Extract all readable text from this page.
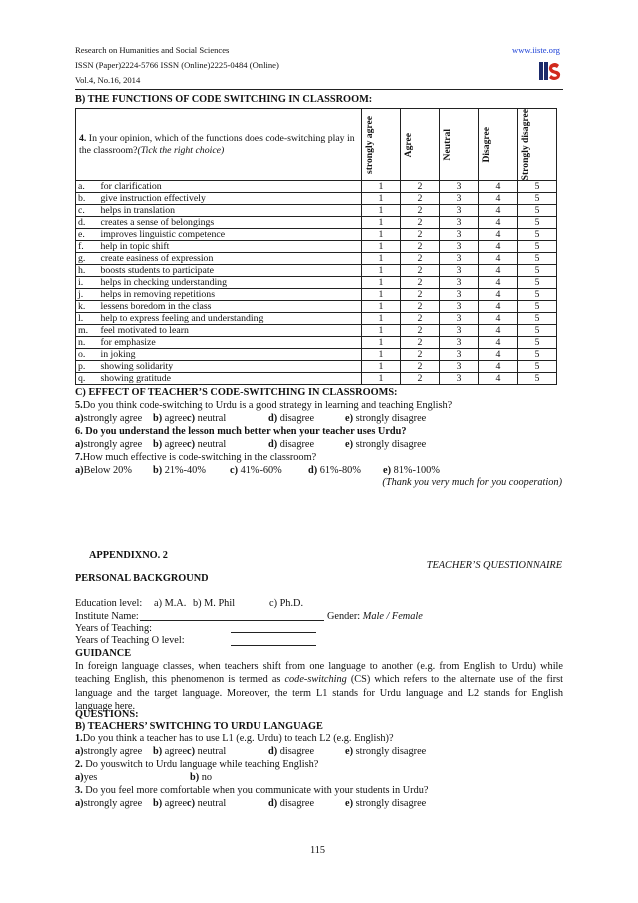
Research on Humanities and Social Sciences
ISSN (Paper)2224-5766 ISSN (Online)2225-0484 (Online)
Vol.4, No.16, 2014
www.iiste.org
B) THE FUNCTIONS OF CODE SWITCHING IN CLASSROOM:
4. In your opinion, which of the functions does code-switching play in the classroom?(Tick the right choice)		strongly agree	Agree	Neutral	Disagree	Strongly disagree

a.	for clarification	1	2	3	4	5
b.	give instruction effectively	1	2	3	4	5
c.	helps in translation	1	2	3	4	5
d.	creates a sense of belongings	1	2	3	4	5
e.	improves linguistic competence	1	2	3	4	5
f.	help in topic shift	1	2	3	4	5
g.	create easiness of expression	1	2	3	4	5
h.	boosts students to participate	1	2	3	4	5
i.	helps in checking understanding	1	2	3	4	5
j.	helps in removing repetitions	1	2	3	4	5
k.	lessens boredom in the class	1	2	3	4	5
l.	help to express feeling and understanding	1	2	3	4	5
m.	feel motivated to learn	1	2	3	4	5
n.	for emphasize	1	2	3	4	5
o.	in joking	1	2	3	4	5
p.	showing solidarity	1	2	3	4	5
q.	showing gratitude	1	2	3	4	5
C) EFFECT OF TEACHER’S CODE-SWITCHING IN CLASSROOMS:
5.Do you think code-switching to Urdu is a good strategy in learning and teaching English?
a)strongly agree b) agreec) neutral	d) disagree	e) strongly disagree
6. Do you understand the lesson much better when your teacher uses Urdu?
a)strongly agree b) agreec) neutral	d) disagree	e) strongly disagree
7.How much effective is code-switching in the classroom?
a)Below 20% b) 21%-40% c) 41%-60%	d) 61%-80% e) 81%-100%
(Thank you very much for you cooperation)
APPENDIXNO. 2
TEACHER’S QUESTIONNAIRE
PERSONAL BACKGROUND
Education level: a) M.A. b) M. Phil	c) Ph.D.
Institute Name:	Gender: Male / Female
Years of Teaching:
Years of Teaching O level:
GUIDANCE
In foreign language classes, when teachers shift from one language to another (e.g. from English to Urdu) while teaching English, this phenomenon is termed as code-switching (CS) which refers to the alternate use of the first language and the target language. Moreover, the term L1 stands for Urdu language and L2 stands for English language here.
QUESTIONS:
B) TEACHERS’ SWITCHING TO URDU LANGUAGE
1.Do you think a teacher has to use L1 (e.g. Urdu) to teach L2 (e.g. English)?
a)strongly agree b) agreec) neutral	d) disagree	e) strongly disagree
2. Do youswitch to Urdu language while teaching English?
a)yes	b) no
3. Do you feel more comfortable when you communicate with your students in Urdu?
a)strongly agree b) agreec) neutral	d) disagree	e) strongly disagree
115
